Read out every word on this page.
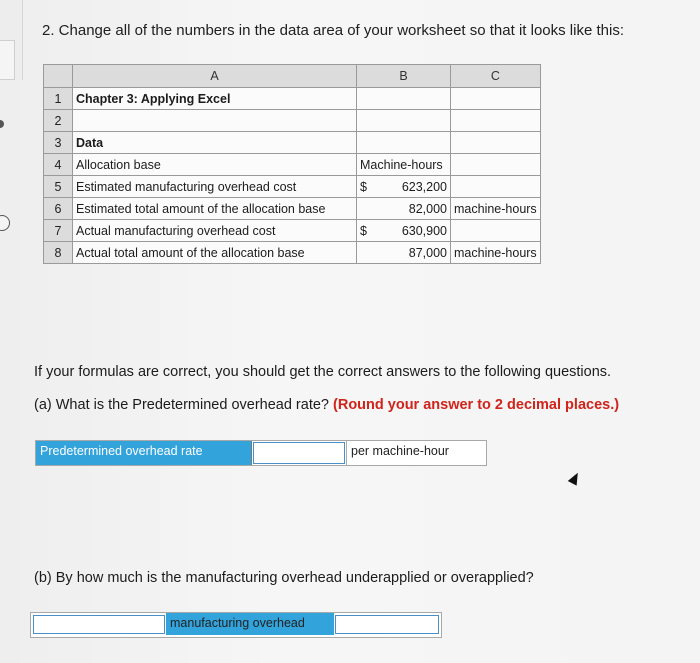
2. Change all of the numbers in the data area of your worksheet so that it looks like this:
	A	B	C
1	Chapter 3: Applying Excel		
2			
3	Data		
4	Allocation base	Machine-hours	
5	Estimated manufacturing overhead cost	$ 623,200	

6	Estimated total amount of the allocation base	82,000	machine-hours
7	Actual manufacturing overhead cost	$ 630,900	

8	Actual total amount of the allocation base	87,000	machine-hours
If your formulas are correct, you should get the correct answers to the following questions.
(a) What is the Predetermined overhead rate? (Round your answer to 2 decimal places.)
Predetermined overhead rate	per machine-hour
(b) By how much is the manufacturing overhead underapplied or overapplied?
manufacturing overhead
